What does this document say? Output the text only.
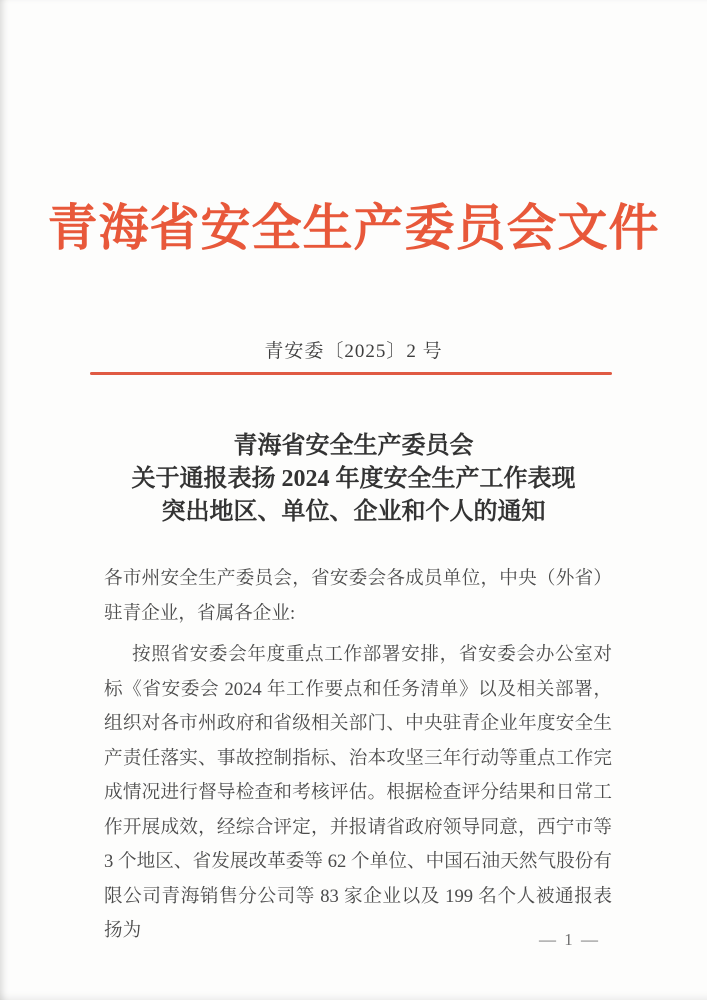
青海省安全生产委员会文件
青安委〔2025〕2 号
青海省安全生产委员会
关于通报表扬 2024 年度安全生产工作表现
突出地区、单位、企业和个人的通知

各市州安全生产委员会，省安委会各成员单位，中央（外省）驻青企业，省属各企业:

按照省安委会年度重点工作部署安排，省安委会办公室对标《省安委会 2024 年工作要点和任务清单》以及相关部署，组织对各市州政府和省级相关部门、中央驻青企业年度安全生产责任落实、事故控制指标、治本攻坚三年行动等重点工作完成情况进行督导检查和考核评估。根据检查评分结果和日常工作开展成效，经综合评定，并报请省政府领导同意，西宁市等 3 个地区、省发展改革委等 62 个单位、中国石油天然气股份有限公司青海销售分公司等 83 家企业以及 199 名个人被通报表扬为	— 1 —
